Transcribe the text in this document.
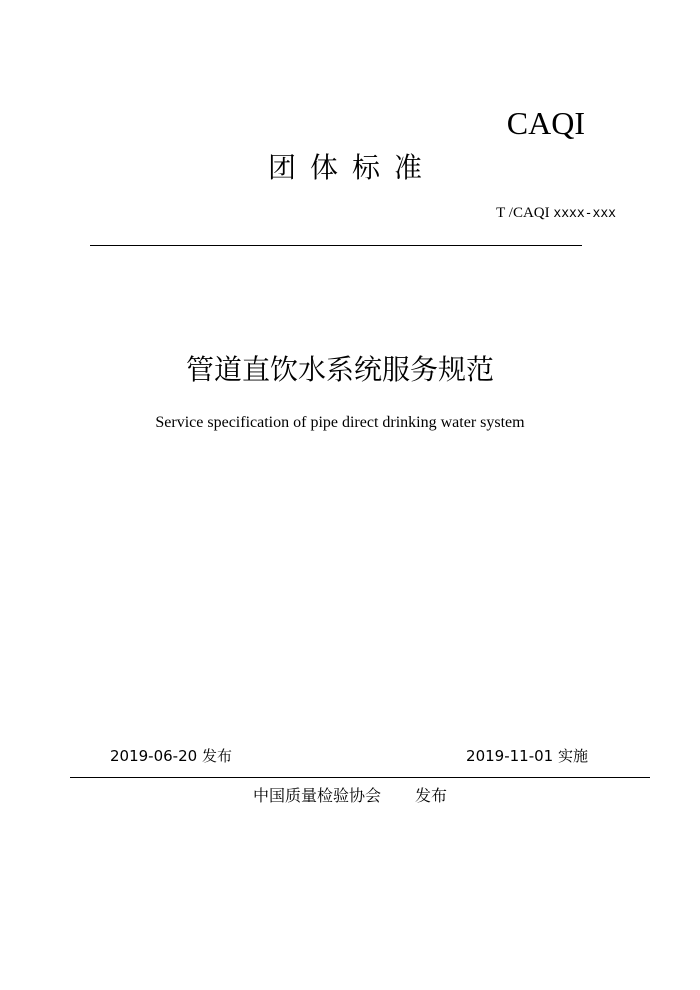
CAQI
团体标准
T /CAQI xxxx-xxx
管道直饮水系统服务规范
Service specification of pipe direct drinking water system
2019-06-20 发布	2019-11-01 实施
中国质量检验协会 发布
